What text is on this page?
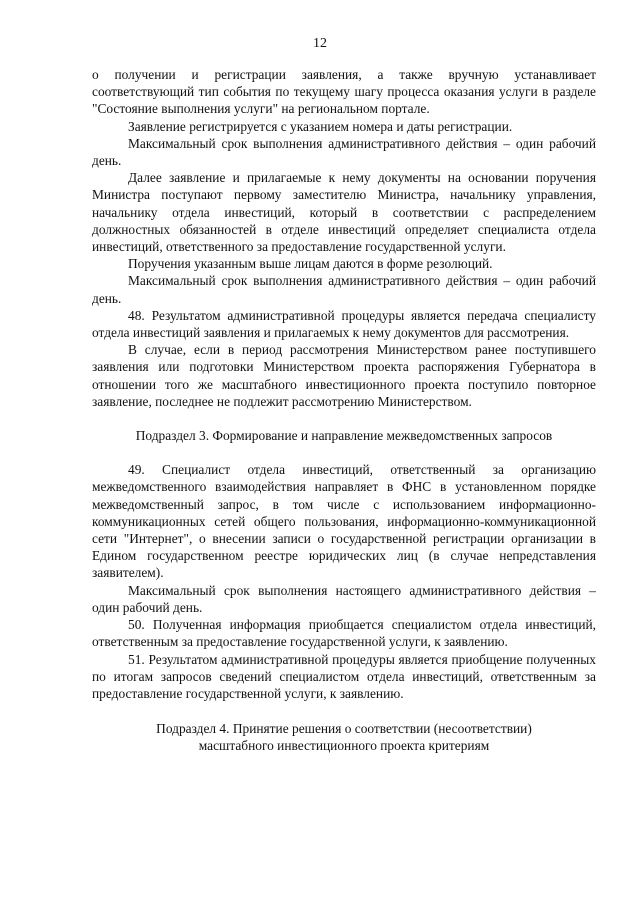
12

о получении и регистрации заявления, а также вручную устанавливает соответствующий тип события по текущему шагу процесса оказания услуги в разделе "Состояние выполнения услуги" на региональном портале.

Заявление регистрируется с указанием номера и даты регистрации.

Максимальный срок выполнения административного действия – один рабочий день.

Далее заявление и прилагаемые к нему документы на основании поручения Министра поступают первому заместителю Министра, начальнику управления, начальнику отдела инвестиций, который в соответствии с распределением должностных обязанностей в отделе инвестиций определяет специалиста отдела инвестиций, ответственного за предоставление государственной услуги.

Поручения указанным выше лицам даются в форме резолюций.

Максимальный срок выполнения административного действия – один рабочий день.

48. Результатом административной процедуры является передача специалисту отдела инвестиций заявления и прилагаемых к нему документов для рассмотрения.

В случае, если в период рассмотрения Министерством ранее поступившего заявления или подготовки Министерством проекта распоряжения Губернатора в отношении того же масштабного инвестиционного проекта поступило повторное заявление, последнее не подлежит рассмотрению Министерством.

Подраздел 3. Формирование и направление межведомственных запросов

49. Специалист отдела инвестиций, ответственный за организацию межведомственного взаимодействия направляет в ФНС в установленном порядке межведомственный запрос, в том числе с использованием информационно-коммуникационных сетей общего пользования, информационно-коммуникационной сети "Интернет", о внесении записи о государственной регистрации организации в Едином государственном реестре юридических лиц (в случае непредставления заявителем).

Максимальный срок выполнения настоящего административного действия – один рабочий день.

50. Полученная информация приобщается специалистом отдела инвестиций, ответственным за предоставление государственной услуги, к заявлению.

51. Результатом административной процедуры является приобщение полученных по итогам запросов сведений специалистом отдела инвестиций, ответственным за предоставление государственной услуги, к заявлению.

Подраздел 4. Принятие решения о соответствии (несоответствии)

масштабного инвестиционного проекта критериям
